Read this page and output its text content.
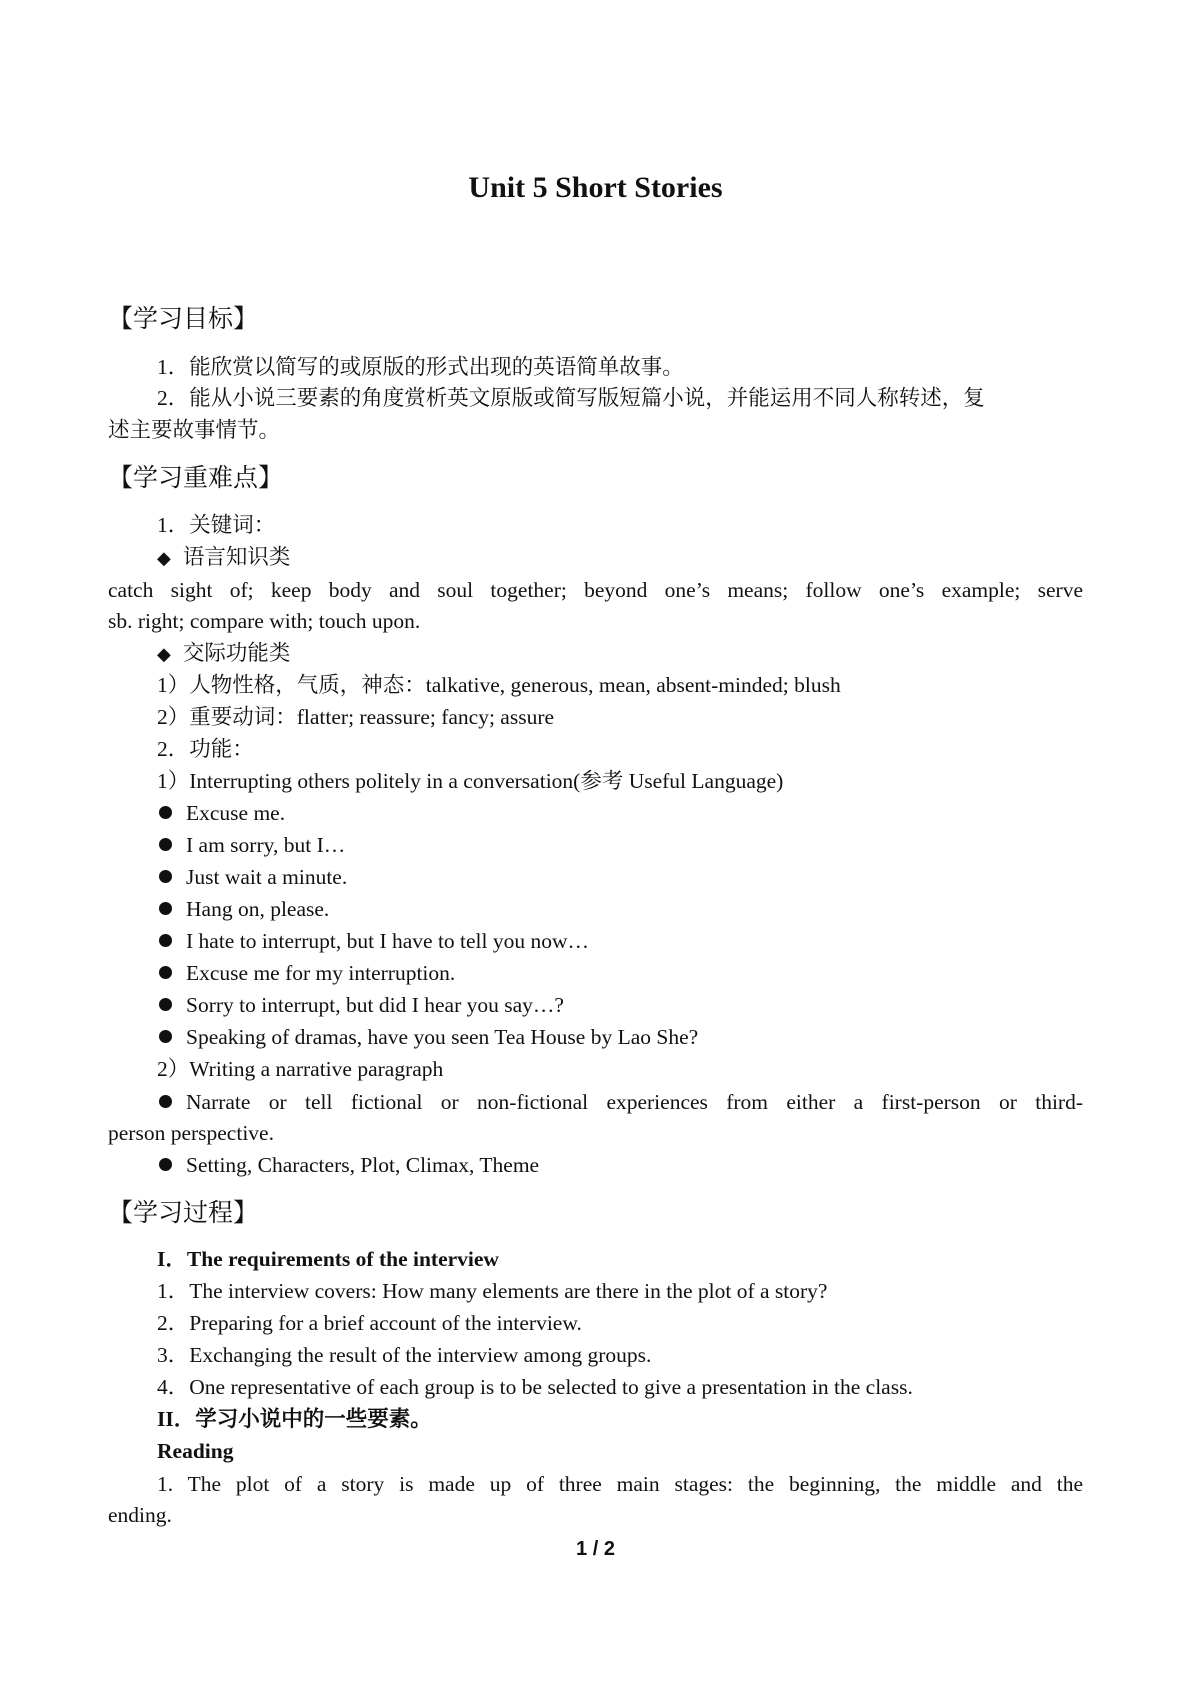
Unit 5 Short Stories
【学习目标】
1．能欣赏以简写的或原版的形式出现的英语简单故事。
2．能从小说三要素的角度赏析英文原版或简写版短篇小说，并能运用不同人称转述，复
述主要故事情节。
【学习重难点】
1．关键词：
◆ 语言知识类
catch sight of; keep body and soul together; beyond one’s means; follow one’s example; serve
sb. right; compare with; touch upon.
◆ 交际功能类
1）人物性格，气质，神态：talkative, generous, mean, absent-minded; blush
2）重要动词：flatter; reassure; fancy; assure
2．功能：
1）Interrupting others politely in a conversation(参考 Useful Language)
Excuse me.
I am sorry, but I…
Just wait a minute.
Hang on, please.
I hate to interrupt, but I have to tell you now…
Excuse me for my interruption.
Sorry to interrupt, but did I hear you say…?
Speaking of dramas, have you seen Tea House by Lao She?
2）Writing a narrative paragraph
Narrate or tell fictional or non-fictional experiences from either a first-person or third-
person perspective.
Setting, Characters, Plot, Climax, Theme
【学习过程】
I．The requirements of the interview
1．The interview covers: How many elements are there in the plot of a story?
2．Preparing for a brief account of the interview.
3．Exchanging the result of the interview among groups.
4．One representative of each group is to be selected to give a presentation in the class.
II．学习小说中的一些要素。
Reading
1. The plot of a story is made up of three main stages: the beginning, the middle and the
ending.
1 / 2
